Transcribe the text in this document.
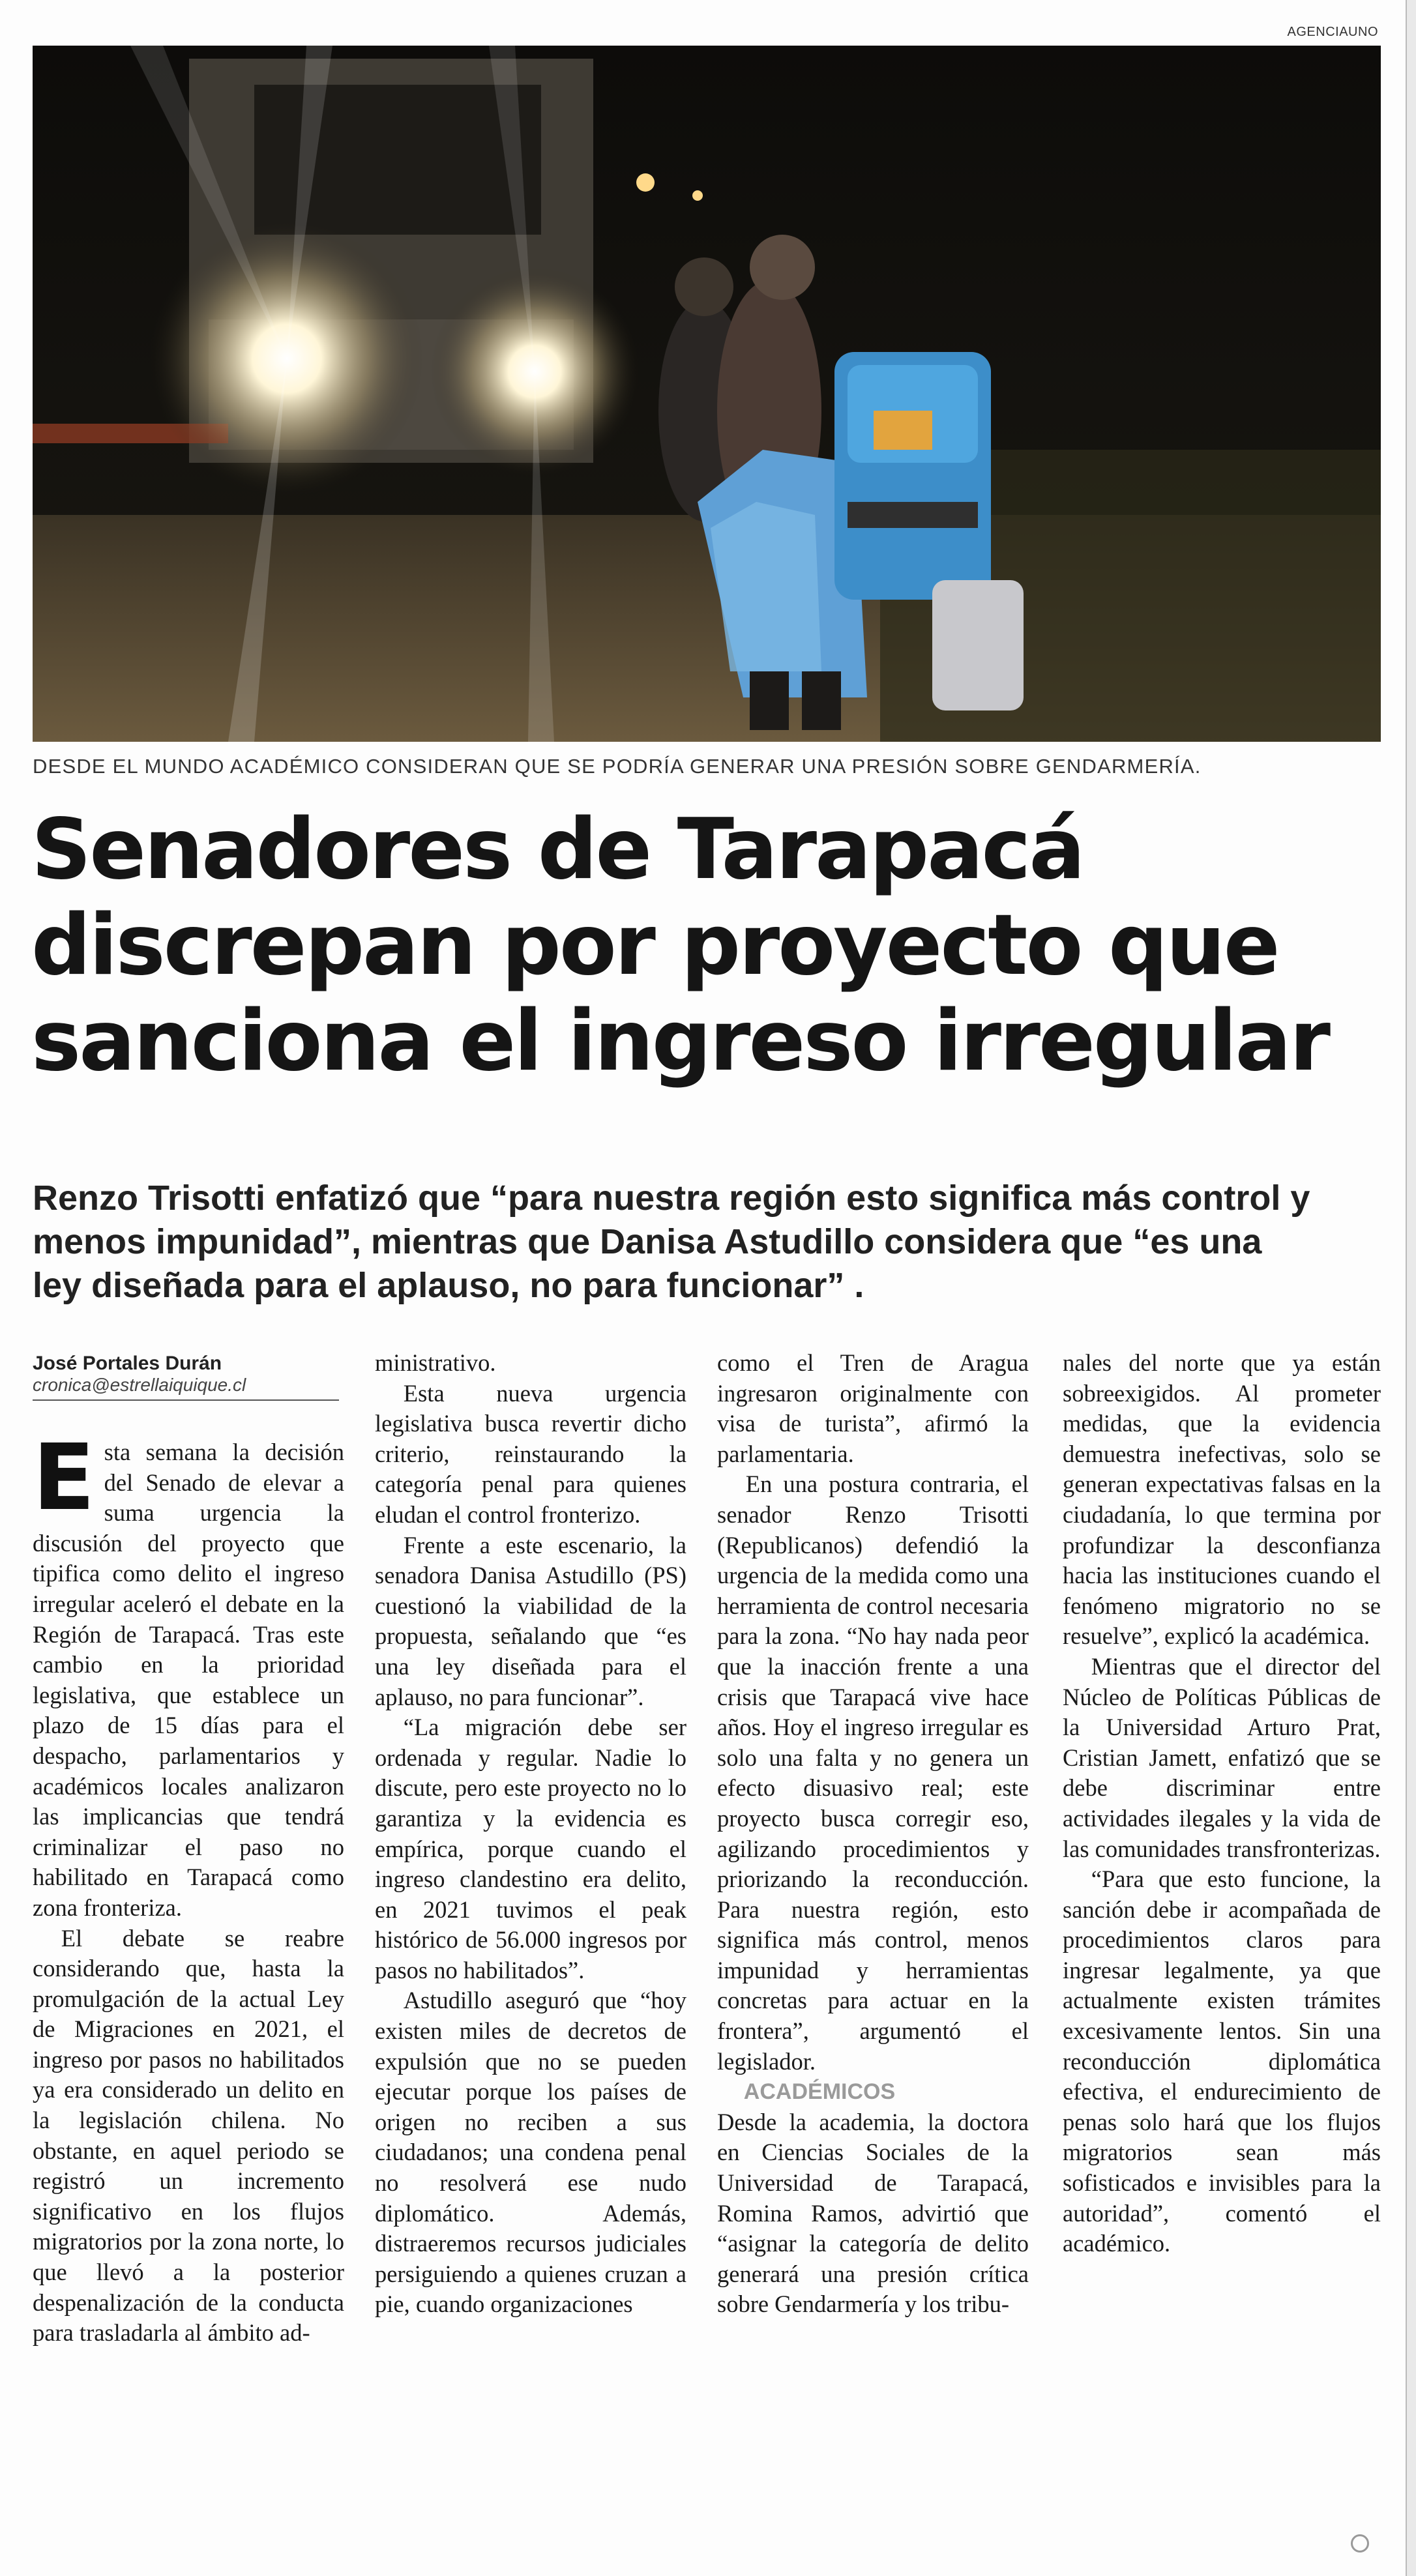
AGENCIAUNO
DESDE EL MUNDO ACADÉMICO CONSIDERAN QUE SE PODRÍA GENERAR UNA PRESIÓN SOBRE GENDARMERÍA.
Senadores de Tarapacá
discrepan por proyecto que
sanciona el ingreso irregular

Renzo Trisotti enfatizó que “para nuestra región esto significa más control y
menos impunidad”, mientras que Danisa Astudillo considera que “es una
ley diseñada para el aplauso, no para funcionar” .

José Portales Durán
cronica@estrellaiquique.cl
E sta semana la decisión del Senado de elevar a suma urgencia la discusión del proyecto que tipifica como delito el ingreso irregular aceleró el debate en la Región de Tarapacá. Tras este cambio en la prioridad legislativa, que establece un plazo de 15 días para el despacho, parlamentarios y académicos locales analizaron las implicancias que tendrá criminalizar el paso no habilitado en Tarapacá como zona fronteriza.

El debate se reabre considerando que, hasta la promulgación de la actual Ley de Migraciones en 2021, el ingreso por pasos no habilitados ya era considerado un delito en la legislación chilena. No obstante, en aquel periodo se registró un incremento significativo en los flujos migratorios por la zona norte, lo que llevó a la posterior despenalización de la conducta para trasladarla al ámbito ad-

ministrativo.

Esta nueva urgencia legislativa busca revertir dicho criterio, reinstaurando la categoría penal para quienes eludan el control fronterizo.

Frente a este escenario, la senadora Danisa Astudillo (PS) cuestionó la viabilidad de la propuesta, señalando que “es una ley diseñada para el aplauso, no para funcionar”.

“La migración debe ser ordenada y regular. Nadie lo discute, pero este proyecto no lo garantiza y la evidencia es empírica, porque cuando el ingreso clandestino era delito, en 2021 tuvimos el peak histórico de 56.000 ingresos por pasos no habilitados”.

Astudillo aseguró que “hoy existen miles de decretos de expulsión que no se pueden ejecutar porque los países de origen no reciben a sus ciudadanos; una condena penal no resolverá ese nudo diplomático. Además, distraeremos recursos judiciales persiguiendo a quienes cruzan a pie, cuando organizaciones

como el Tren de Aragua ingresaron originalmente con visa de turista”, afirmó la parlamentaria.

En una postura contraria, el senador Renzo Trisotti (Republicanos) defendió la urgencia de la medida como una herramienta de control necesaria para la zona. “No hay nada peor que la inacción frente a una crisis que Tarapacá vive hace años. Hoy el ingreso irregular es solo una falta y no genera un efecto disuasivo real; este proyecto busca corregir eso, agilizando procedimientos y priorizando la reconducción. Para nuestra región, esto significa más control, menos impunidad y herramientas concretas para actuar en la frontera”, argumentó el legislador.

ACADÉMICOS

Desde la academia, la doctora en Ciencias Sociales de la Universidad de Tarapacá, Romina Ramos, advirtió que “asignar la categoría de delito generará una presión crítica sobre Gendarmería y los tribu-

nales del norte que ya están sobreexigidos. Al prometer medidas, que la evidencia demuestra inefectivas, solo se generan expectativas falsas en la ciudadanía, lo que termina por profundizar la desconfianza hacia las instituciones cuando el fenómeno migratorio no se resuelve”, explicó la académica.

Mientras que el director del Núcleo de Políticas Públicas de la Universidad Arturo Prat, Cristian Jamett, enfatizó que se debe discriminar entre actividades ilegales y la vida de las comunidades transfronterizas.

“Para que esto funcione, la sanción debe ir acompañada de procedimientos claros para ingresar legalmente, ya que actualmente existen trámites excesivamente lentos. Sin una reconducción diplomática efectiva, el endurecimiento de penas solo hará que los flujos migratorios sean más sofisticados e invisibles para la autoridad”, comentó el académico.
